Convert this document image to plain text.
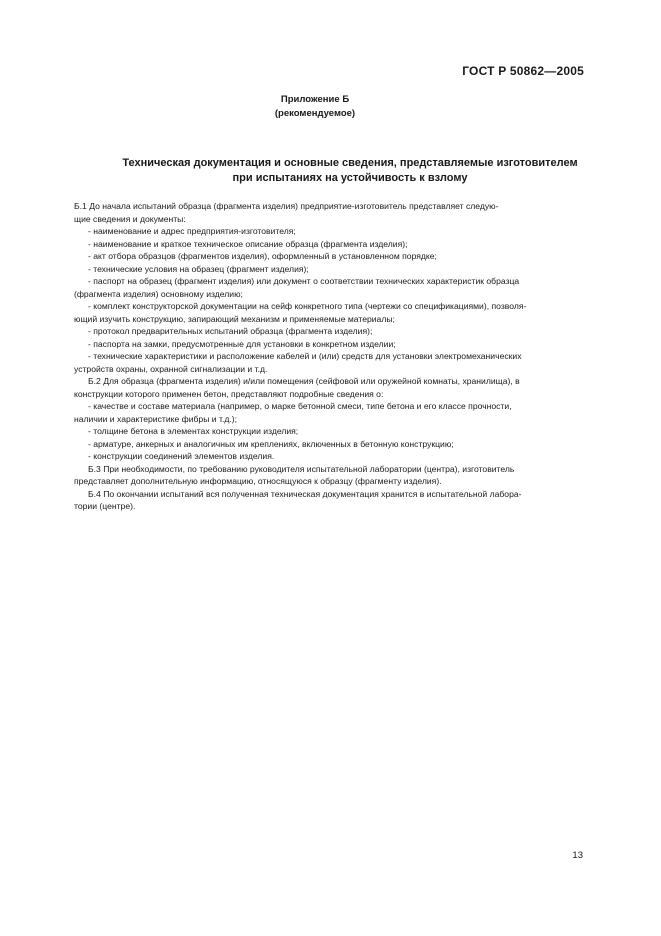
ГОСТ Р 50862—2005
Приложение Б
(рекомендуемое)
Техническая документация и основные сведения, представляемые изготовителем
при испытаниях на устойчивость к взлому
Б.1 До начала испытаний образца (фрагмента изделия) предприятие-изготовитель представляет следую-
щие сведения и документы:
- наименование и адрес предприятия-изготовителя;
- наименование и краткое техническое описание образца (фрагмента изделия);
- акт отбора образцов (фрагментов изделия), оформленный в установленном порядке;
- технические условия на образец (фрагмент изделия);
- паспорт на образец (фрагмент изделия) или документ о соответствии технических характеристик образца
(фрагмента изделия) основному изделию;
- комплект конструкторской документации на сейф конкретного типа (чертежи со спецификациями), позволя-
ющий изучить конструкцию, запирающий механизм и применяемые материалы;
- протокол предварительных испытаний образца (фрагмента изделия);
- паспорта на замки, предусмотренные для установки в конкретном изделии;
- технические характеристики и расположение кабелей и (или) средств для установки электромеханических
устройств охраны, охранной сигнализации и т.д.
Б.2 Для образца (фрагмента изделия) и/или помещения (сейфовой или оружейной комнаты, хранилища), в
конструкции которого применен бетон, представляют подробные сведения о:
- качестве и составе материала (например, о марке бетонной смеси, типе бетона и его классе прочности,
наличии и характеристике фибры и т.д.);
- толщине бетона в элементах конструкции изделия;
- арматуре, анкерных и аналогичных им креплениях, включенных в бетонную конструкцию;
- конструкции соединений элементов изделия.
Б.3 При необходимости, по требованию руководителя испытательной лаборатории (центра), изготовитель
представляет дополнительную информацию, относящуюся к образцу (фрагменту изделия).
Б.4 По окончании испытаний вся полученная техническая документация хранится в испытательной лабора-
тории (центре).
13
